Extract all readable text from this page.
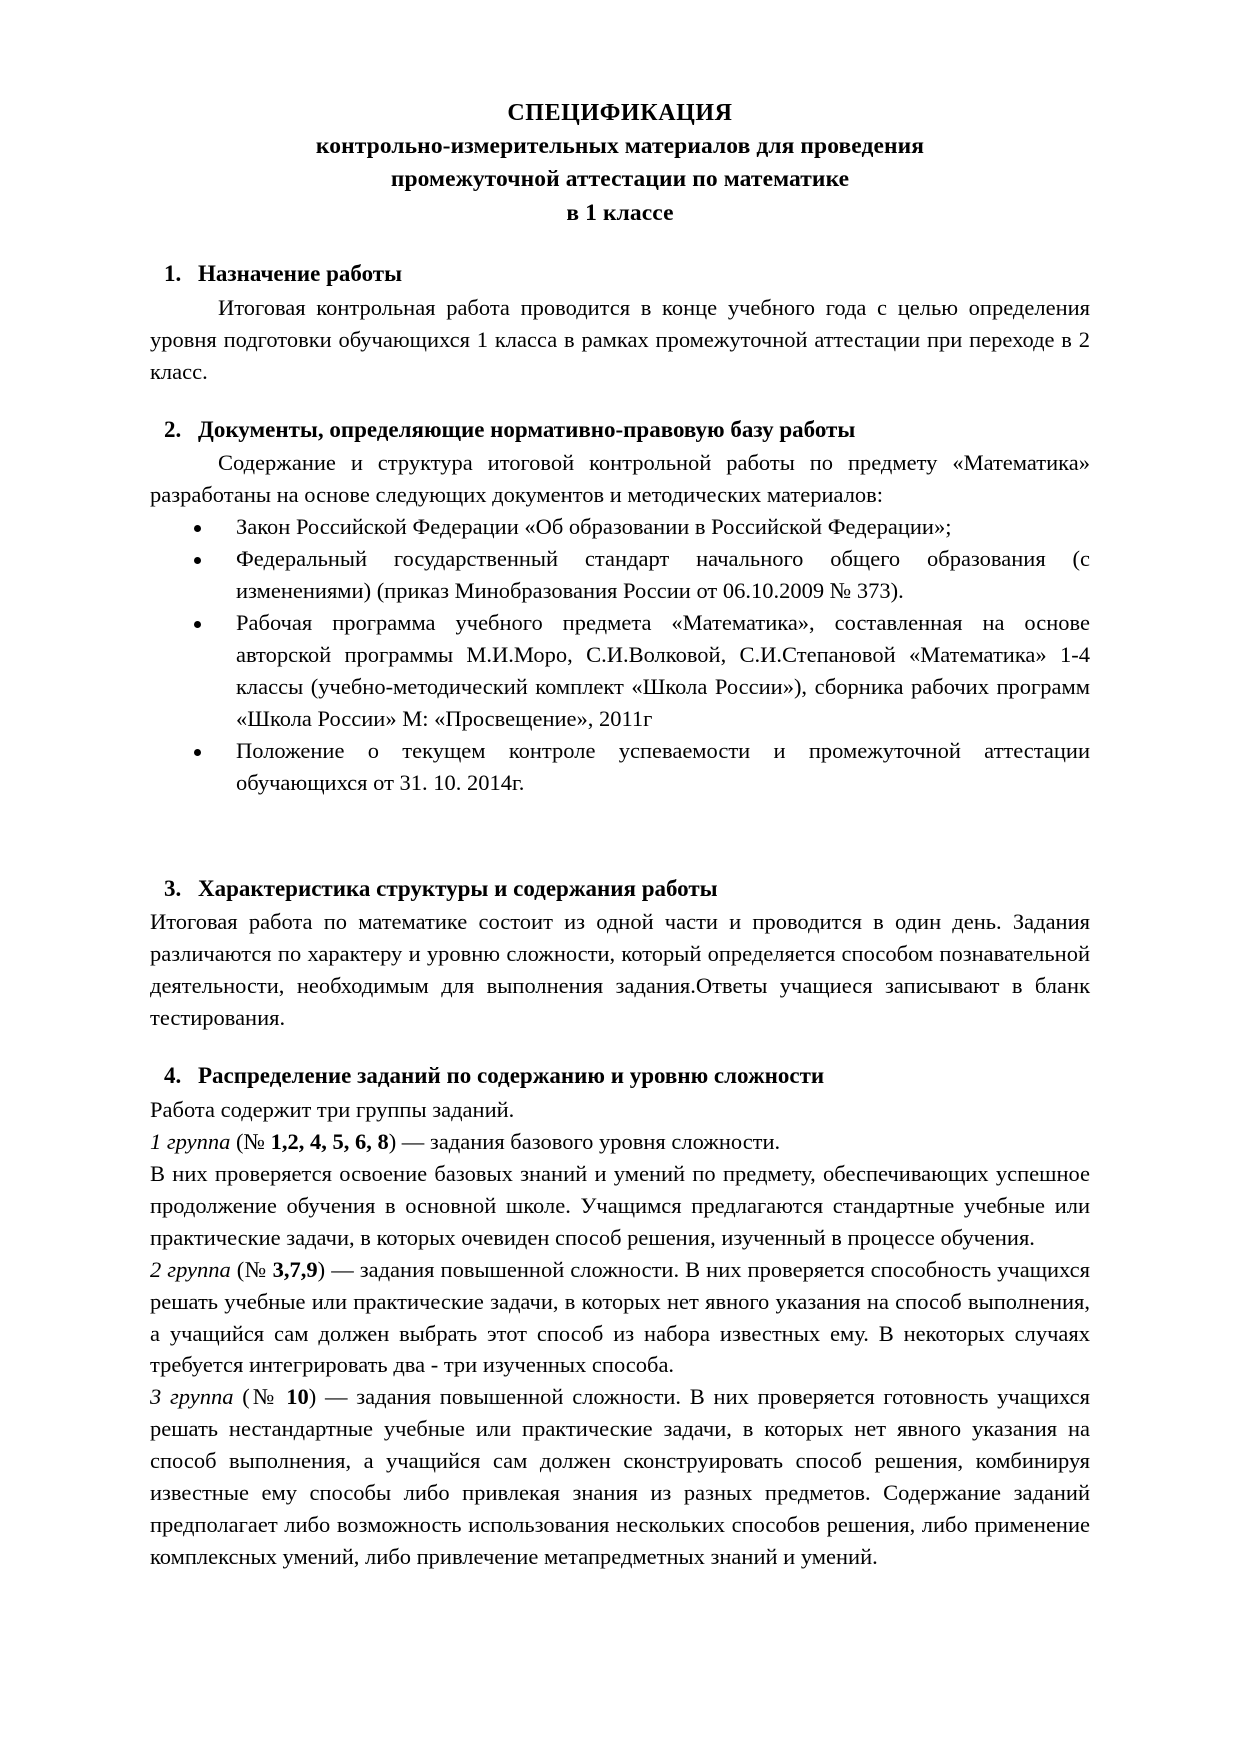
СПЕЦИФИКАЦИЯ
контрольно-измерительных материалов для проведения
промежуточной аттестации по математике
в 1 классе
1. Назначение работы

Итоговая контрольная работа проводится в конце учебного года с целью определения уровня подготовки обучающихся 1 класса в рамках промежуточной аттестации при переходе в 2 класс.

2. Документы, определяющие нормативно-правовую базу работы

Содержание и структура итоговой контрольной работы по предмету «Математика» разработаны на основе следующих документов и методических материалов:

Закон Российской Федерации «Об образовании в Российской Федерации»;
Федеральный государственный стандарт начального общего образования (с изменениями) (приказ Минобразования России от 06.10.2009 № 373).
Рабочая программа учебного предмета «Математика», составленная на основе авторской программы М.И.Моро, С.И.Волковой, С.И.Степановой «Математика» 1-4 классы (учебно-методический комплект «Школа России»), сборника рабочих программ «Школа России» М: «Просвещение», 2011г
Положение о текущем контроле успеваемости и промежуточной аттестации обучающихся от 31. 10. 2014г.
3. Характеристика структуры и содержания работы

Итоговая работа по математике состоит из одной части и проводится в один день. Задания различаются по характеру и уровню сложности, который определяется способом познавательной деятельности, необходимым для выполнения задания.Ответы учащиеся записывают в бланк тестирования.

4. Распределение заданий по содержанию и уровню сложности

Работа содержит три группы заданий.

1 группа (№ 1,2, 4, 5, 6, 8) — задания базового уровня сложности.

В них проверяется освоение базовых знаний и умений по предмету, обеспечивающих успешное продолжение обучения в основной школе. Учащимся предлагаются стандартные учебные или практические задачи, в которых очевиден способ решения, изученный в процессе обучения.

2 группа (№ 3,7,9) — задания повышенной сложности. В них проверяется способность учащихся решать учебные или практические задачи, в которых нет явного указания на способ выполнения, а учащийся сам должен выбрать этот способ из набора известных ему. В некоторых случаях требуется интегрировать два - три изученных способа.

3 группа (№ 10) — задания повышенной сложности. В них проверяется готовность учащихся решать нестандартные учебные или практические задачи, в которых нет явного указания на способ выполнения, а учащийся сам должен сконструировать способ решения, комбинируя известные ему способы либо привлекая знания из разных предметов. Содержание заданий предполагает либо возможность использования нескольких способов решения, либо применение комплексных умений, либо привлечение метапредметных знаний и умений.
